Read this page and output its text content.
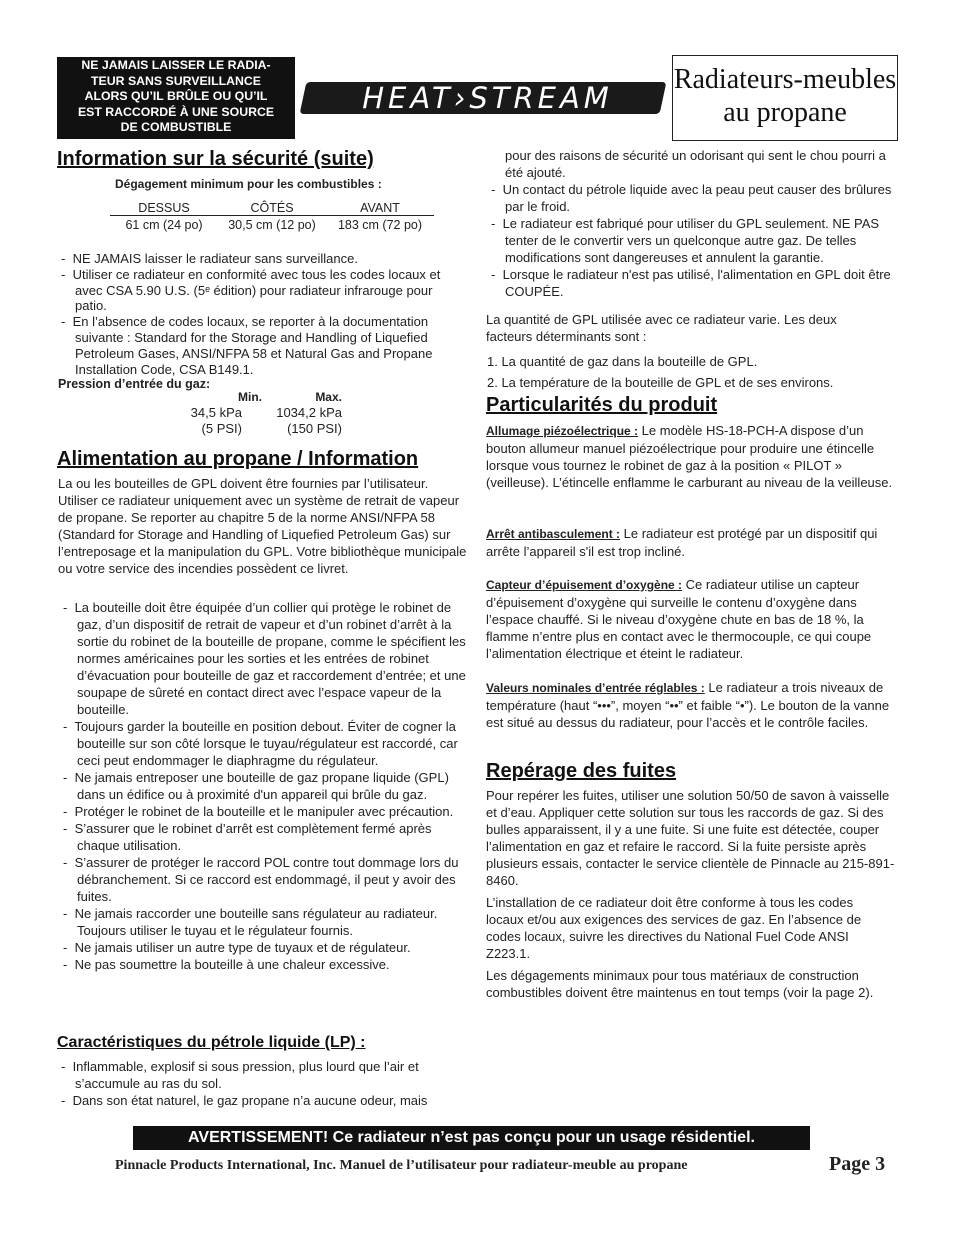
NE JAMAIS LAISSER LE RADIA-
TEUR SANS SURVEILLANCE
ALORS QU’IL BRÛLE OU QU’IL
EST RACCORDÉ À UNE SOURCE
DE COMBUSTIBLE
HEAT›STREAM
Radiateurs-meubles
au propane
Information sur la sécurité (suite)
Dégagement minimum pour les combustibles :
DESSUS	CÔTÉS	AVANT
61 cm (24 po)	30,5 cm (12 po)	183 cm (72 po)

-  NE JAMAIS laisser le radiateur sans surveillance.

-  Utiliser ce radiateur en conformité avec tous les codes locaux et avec CSA 5.90 U.S. (5ᵉ édition) pour radiateur infrarouge pour patio.

-  En l’absence de codes locaux, se reporter à la documentation suivante : Standard for the Storage and Handling of Liquefied Petroleum Gases, ANSI/NFPA 58 et Natural Gas and Propane Installation Code, CSA B149.1.

Pression d’entrée du gaz:

Min.	Max.
34,5 kPa	1034,2 kPa
(5 PSI)	(150 PSI)
Alimentation au propane / Information
La ou les bouteilles de GPL doivent être fournies par l’utilisateur. Utiliser ce radiateur uniquement avec un système de retrait de vapeur de propane. Se reporter au chapitre 5 de la norme ANSI/NFPA 58 (Standard for Storage and Handling of Liquefied Petroleum Gas) sur l’entreposage et la manipulation du GPL. Votre bibliothèque municipale ou votre service des incendies possèdent ce livret.

-  La bouteille doit être équipée d’un collier qui protège le robinet de gaz, d’un dispositif de retrait de vapeur et d’un robinet d’arrêt à la sortie du robinet de la bouteille de propane, comme le spécifient les normes américaines pour les sorties et les entrées de robinet d’évacuation pour bouteille de gaz et raccordement d’entrée; et une soupape de sûreté en contact direct avec l’espace vapeur de la bouteille.

-  Toujours garder la bouteille en position debout. Éviter de cogner la bouteille sur son côté lorsque le tuyau/régulateur est raccordé, car ceci peut endommager le diaphragme du régulateur.

-  Ne jamais entreposer une bouteille de gaz propane liquide (GPL) dans un édifice ou à proximité d'un appareil qui brûle du gaz.

-  Protéger le robinet de la bouteille et le manipuler avec précaution.

-  S’assurer que le robinet d’arrêt est complètement fermé après chaque utilisation.

-  S’assurer de protéger le raccord POL contre tout dommage lors du débranchement. Si ce raccord est endommagé, il peut y avoir des fuites.

-  Ne jamais raccorder une bouteille sans régulateur au radiateur. Toujours utiliser le tuyau et le régulateur fournis.

-  Ne jamais utiliser un autre type de tuyaux et de régulateur.

-  Ne pas soumettre la bouteille à une chaleur excessive.

Caractéristiques du pétrole liquide (LP) :

-  Inflammable, explosif si sous pression, plus lourd que l’air et s’accumule au ras du sol.

-  Dans son état naturel, le gaz propane n’a aucune odeur, mais

pour des raisons de sécurité un odorisant qui sent le chou pourri a été ajouté.

-  Un contact du pétrole liquide avec la peau peut causer des brûlures par le froid.

-  Le radiateur est fabriqué pour utiliser du GPL seulement. NE PAS tenter de le convertir vers un quelconque autre gaz. De telles modifications sont dangereuses et annulent la garantie.

-  Lorsque le radiateur n'est pas utilisé, l'alimentation en GPL doit être COUPÉE.

La quantité de GPL utilisée avec ce radiateur varie. Les deux facteurs déterminants sont :

1. La quantité de gaz dans la bouteille de GPL.

2. La température de la bouteille de GPL et de ses environs.

Particularités du produit
Allumage piézoélectrique : Le modèle HS-18-PCH-A dispose d’un bouton allumeur manuel piézoélectrique pour produire une étincelle lorsque vous tournez le robinet de gaz à la position « PILOT » (veilleuse). L’étincelle enflamme le carburant au niveau de la veilleuse.
Arrêt antibasculement : Le radiateur est protégé par un dispositif qui arrête l’appareil s'il est trop incliné.
Capteur d’épuisement d’oxygène : Ce radiateur utilise un capteur d’épuisement d’oxygène qui surveille le contenu d’oxygène dans l’espace chauffé. Si le niveau d’oxygène chute en bas de 18 %, la flamme n’entre plus en contact avec le thermocouple, ce qui coupe l’alimentation électrique et éteint le radiateur.
Valeurs nominales d’entrée réglables : Le radiateur a trois niveaux de température (haut “•••”, moyen “••” et faible “•”). Le bouton de la vanne est situé au dessus du radiateur, pour l’accès et le contrôle faciles.
Repérage des fuites
Pour repérer les fuites, utiliser une solution 50/50 de savon à vaisselle et d’eau. Appliquer cette solution sur tous les raccords de gaz. Si des bulles apparaissent, il y a une fuite. Si une fuite est détectée, couper l’alimentation en gaz et refaire le raccord. Si la fuite persiste après plusieurs essais, contacter le service clientèle de Pinnacle au 215-891-8460.
L’installation de ce radiateur doit être conforme à tous les codes locaux et/ou aux exigences des services de gaz. En l’absence de codes locaux, suivre les directives du National Fuel Code ANSI Z223.1.
Les dégagements minimaux pour tous matériaux de construction combustibles doivent être maintenus en tout temps (voir la page 2).
AVERTISSEMENT! Ce radiateur n’est pas conçu pour un usage résidentiel.
Pinnacle Products International, Inc. Manuel de l’utilisateur pour radiateur-meuble au propane	Page 3
